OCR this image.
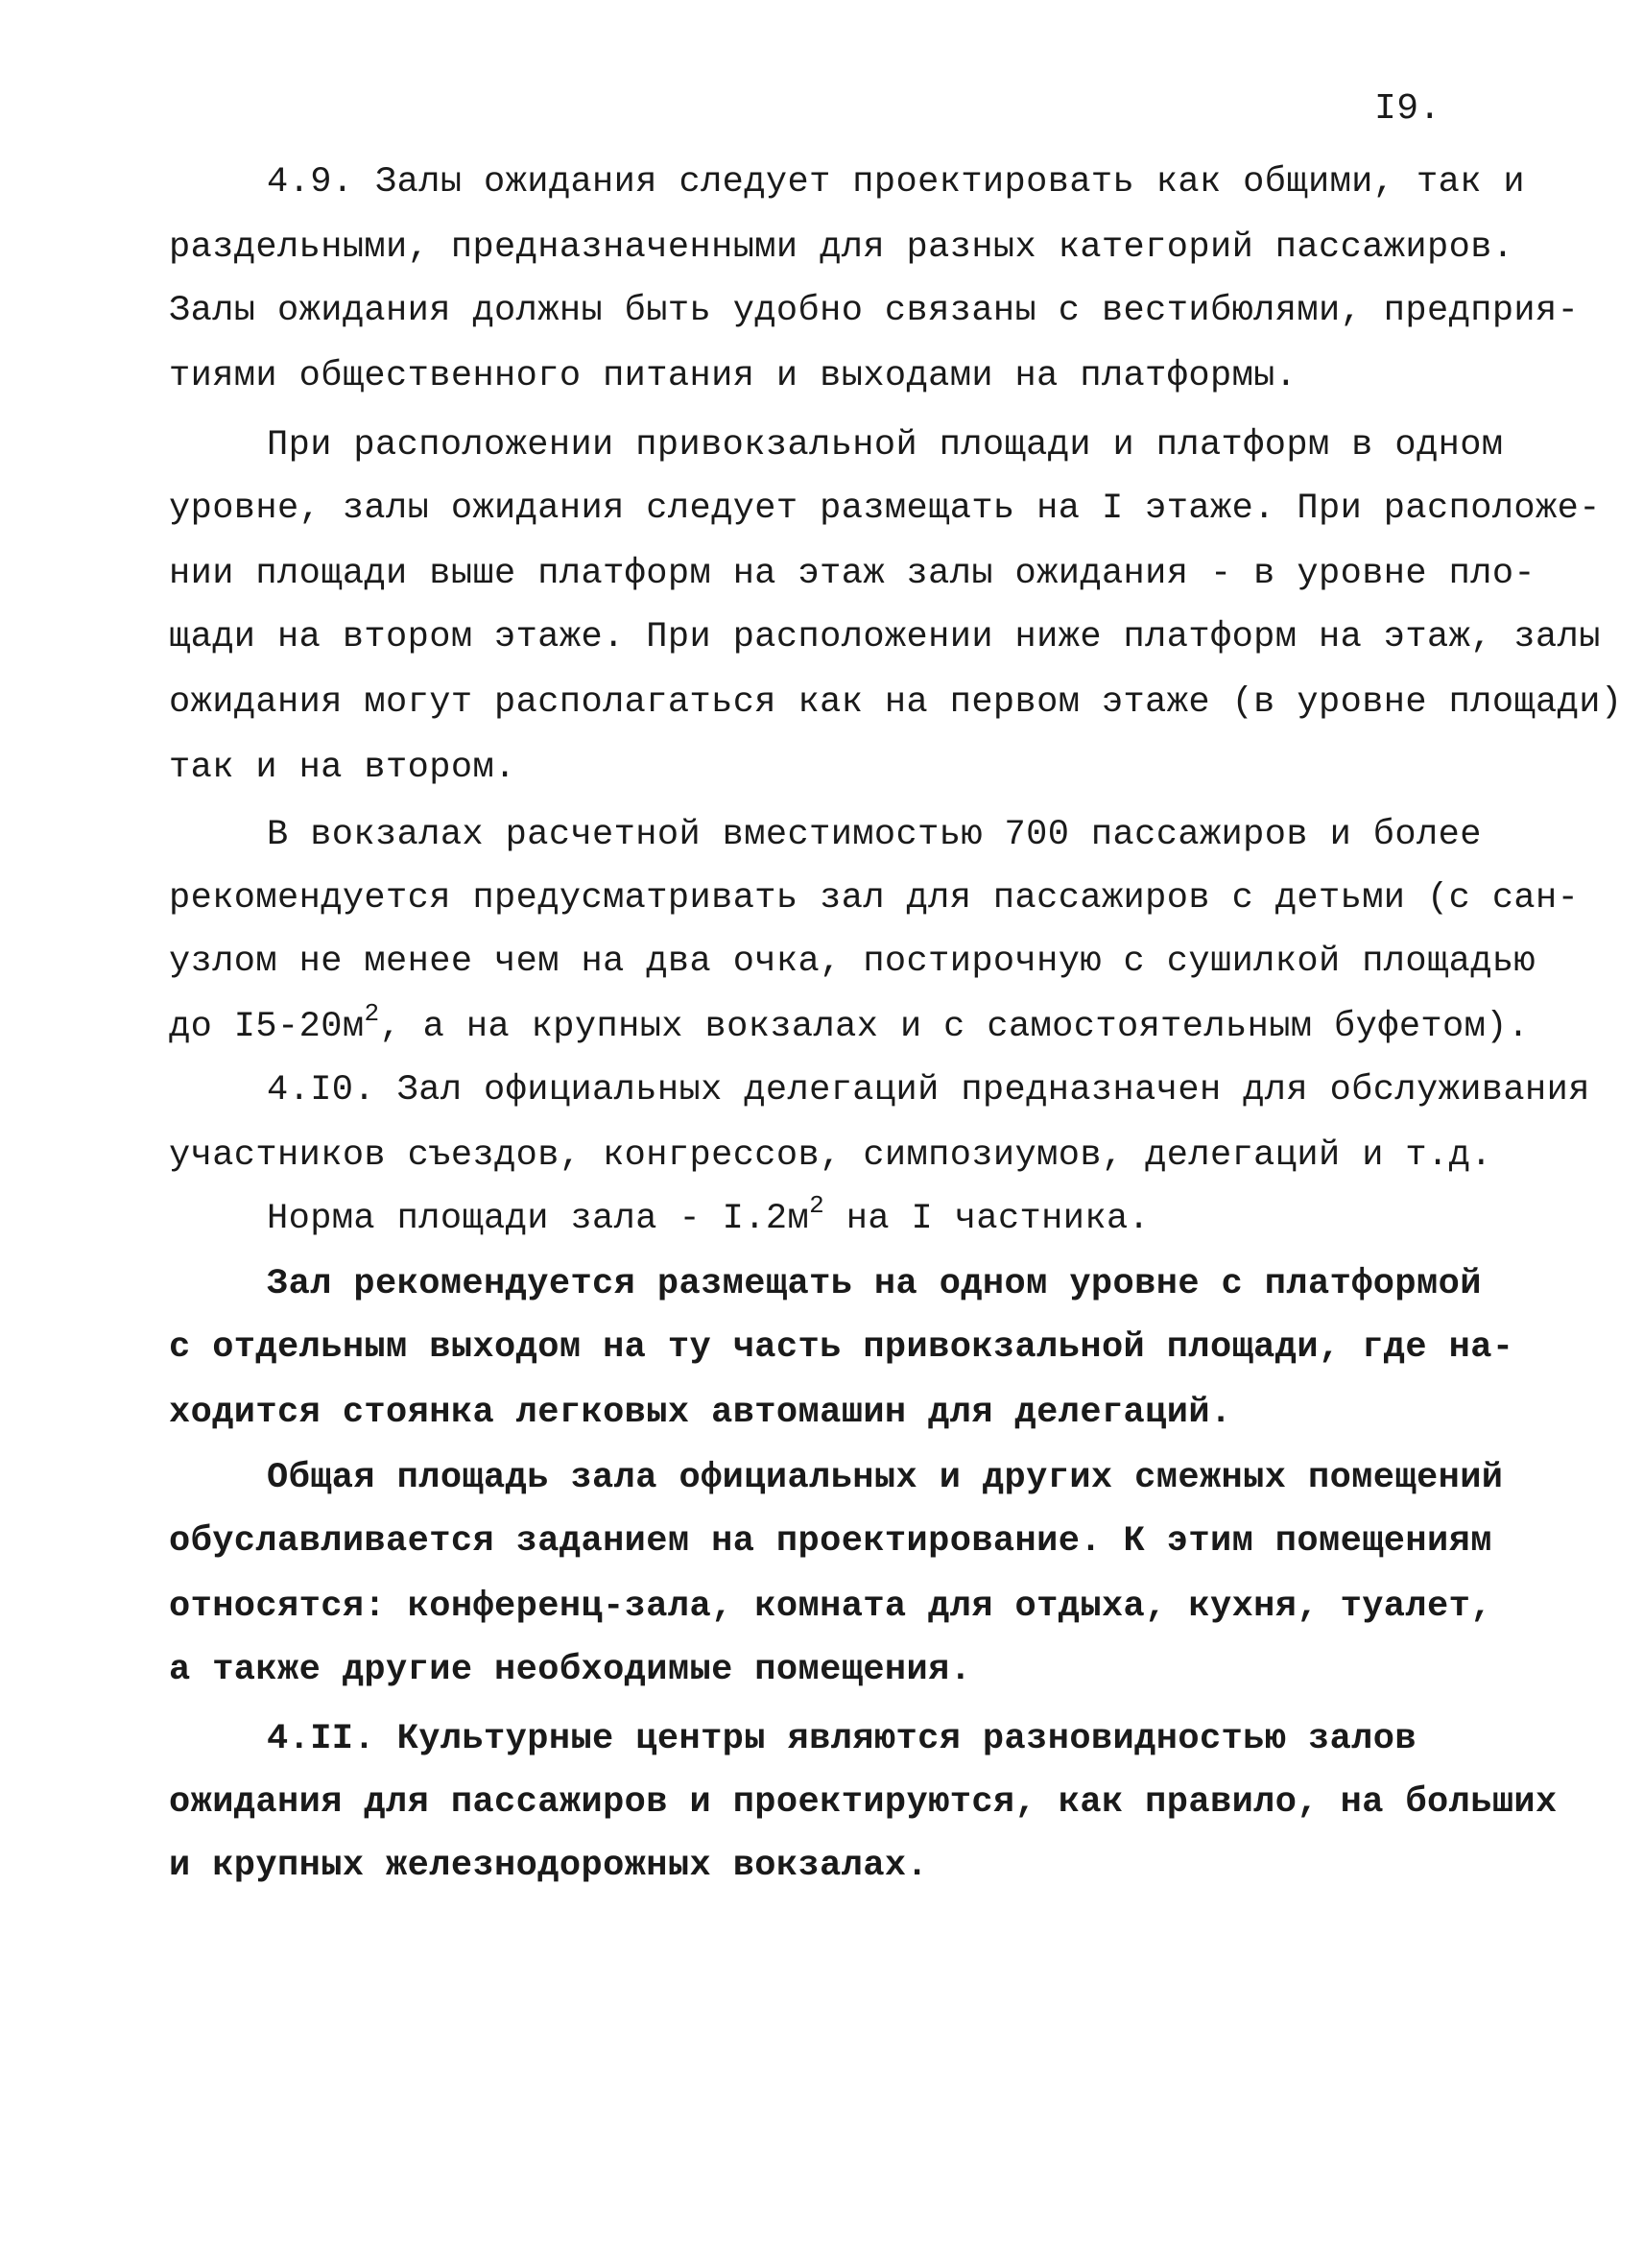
I9.
4.9. Залы ожидания следует проектировать как общими, так и
раздельными, предназначенными для разных категорий пассажиров.
Залы ожидания должны быть удобно связаны с вестибюлями, предприя-
тиями общественного питания и выходами на платформы.
При расположении привокзальной площади и платформ в одном
уровне, залы ожидания следует размещать на I этаже. При расположе-
нии площади выше платформ на этаж залы ожидания - в уровне пло-
щади на втором этаже. При расположении ниже платформ на этаж, залы
ожидания могут располагаться как на первом этаже (в уровне площади)
так и на втором.
В вокзалах расчетной вместимостью 700 пассажиров и более
рекомендуется предусматривать зал для пассажиров с детьми (с сан-
узлом не менее чем на два очка, постирочную с сушилкой площадью
до $I5-20м^2$, а на крупных вокзалах и с самостоятельным буфетом).
4.I0. Зал официальных делегаций предназначен для обслуживания
участников съездов, конгрессов, симпозиумов, делегаций и т.д.
Норма площади зала - $I.2м^2$ на I частника.
Зал рекомендуется размещать на одном уровне с платформой
с отдельным выходом на ту часть привокзальной площади, где на-
ходится стоянка легковых автомашин для делегаций.
Общая площадь зала официальных и других смежных помещений
обуславливается заданием на проектирование. К этим помещениям
относятся: конференц-зала, комната для отдыха, кухня, туалет,
а также другие необходимые помещения.
4.II. Культурные центры являются разновидностью залов
ожидания для пассажиров и проектируются, как правило, на больших
и крупных железнодорожных вокзалах.
